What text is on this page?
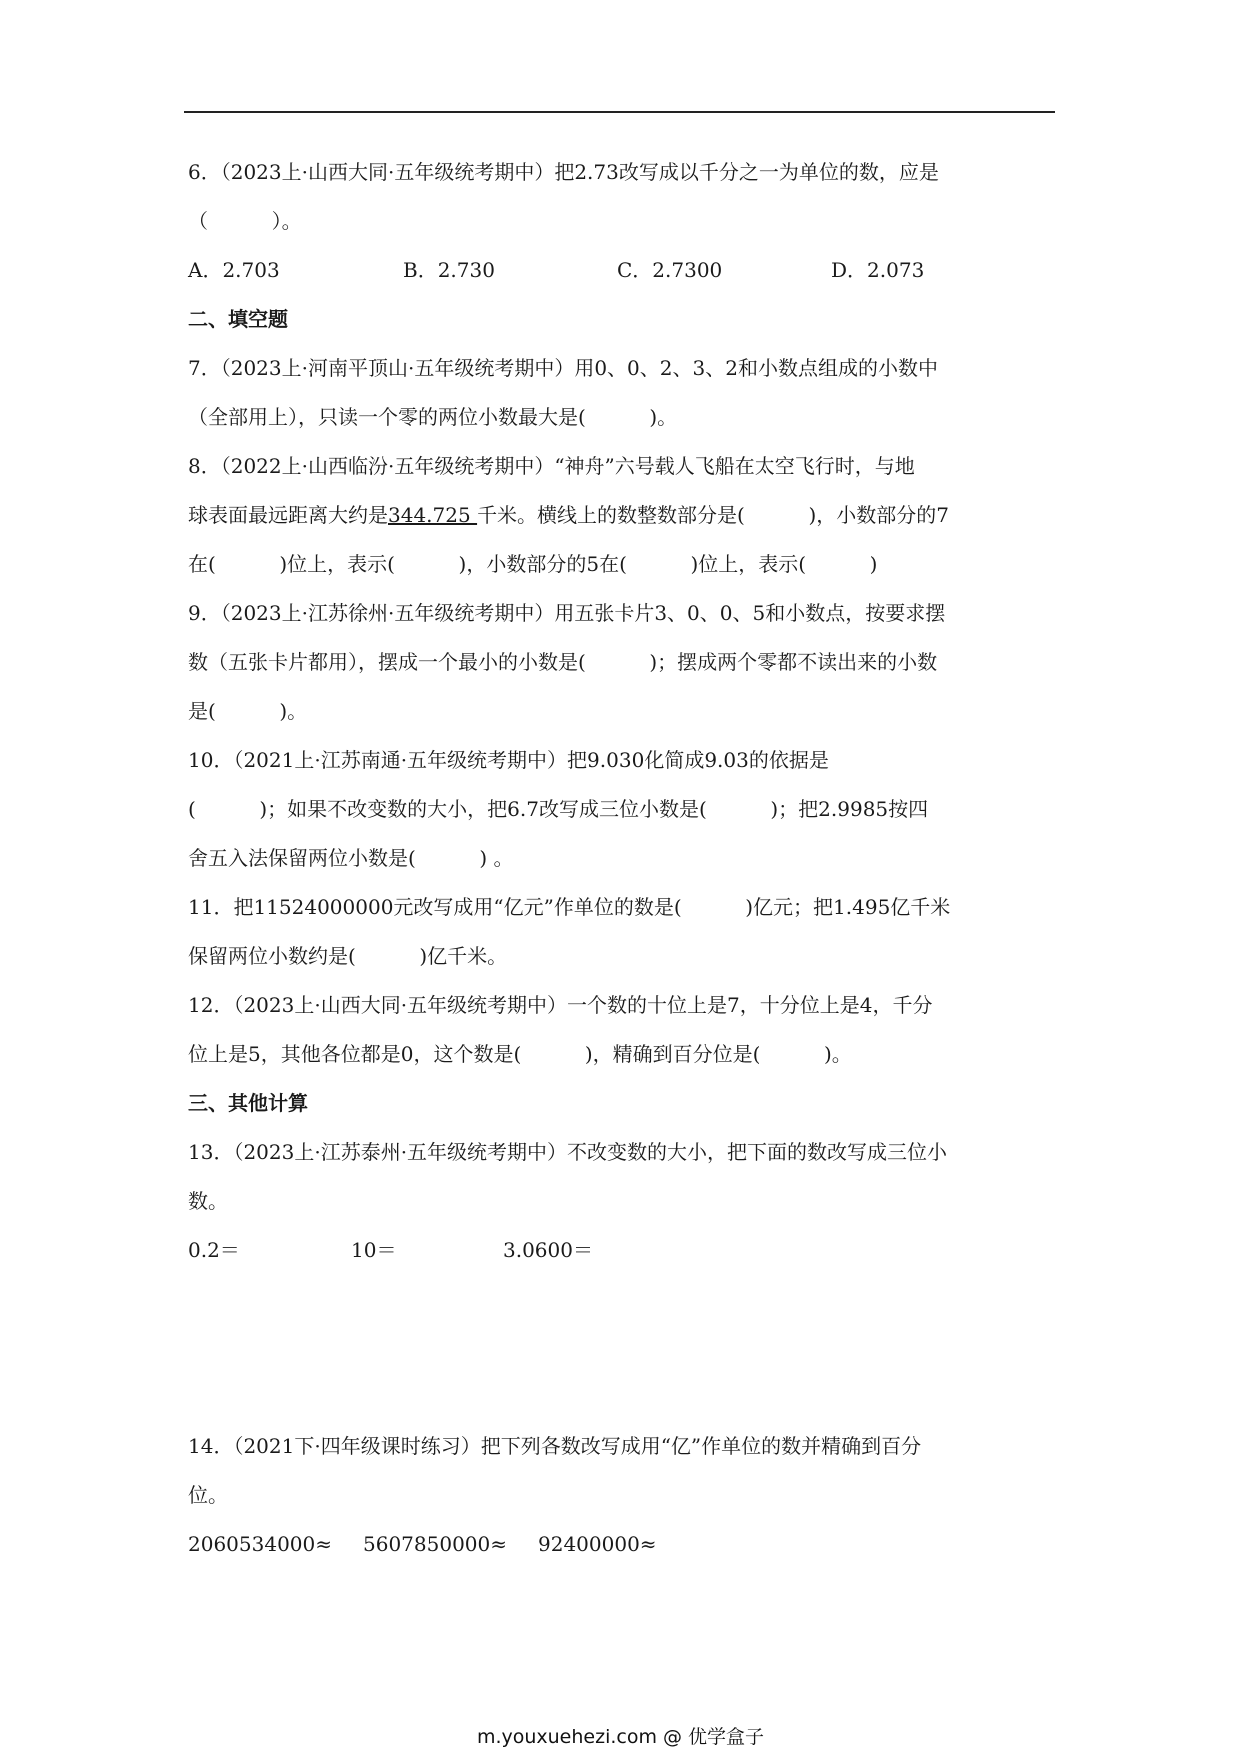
6．（2023上·山西大同·五年级统考期中）把2.73改写成以千分之一为单位的数，应是
（          ）。
A．2.703	B．2.730	C．2.7300	D．2.073
二、填空题
7．（2023上·河南平顶山·五年级统考期中）用0、0、2、3、2和小数点组成的小数中
（全部用上），只读一个零的两位小数最大是(          )。
8．（2022上·山西临汾·五年级统考期中）“神舟”六号载人飞船在太空飞行时，与地
球表面最远距离大约是344.725 千米。横线上的数整数部分是(          )，小数部分的7
在(          )位上，表示(          )，小数部分的5在(          )位上，表示(          )
9．（2023上·江苏徐州·五年级统考期中）用五张卡片3、0、0、5和小数点，按要求摆
数（五张卡片都用），摆成一个最小的小数是(          )；摆成两个零都不读出来的小数
是(          )。
10．（2021上·江苏南通·五年级统考期中）把9.030化简成9.03的依据是
(          )；如果不改变数的大小，把6.7改写成三位小数是(          )；把2.9985按四
舍五入法保留两位小数是(          ) 。
11．把11524000000元改写成用“亿元”作单位的数是(          )亿元；把1.495亿千米
保留两位小数约是(          )亿千米。
12．（2023上·山西大同·五年级统考期中）一个数的十位上是7，十分位上是4，千分
位上是5，其他各位都是0，这个数是(          )，精确到百分位是(          )。
三、其他计算
13．（2023上·江苏泰州·五年级统考期中）不改变数的大小，把下面的数改写成三位小
数。
0.2＝	10＝	3.0600＝
14．（2021下·四年级课时练习）把下列各数改写成用“亿”作单位的数并精确到百分
位。
2060534000≈	5607850000≈	92400000≈
m.youxuehezi.com @ 优学盒子
